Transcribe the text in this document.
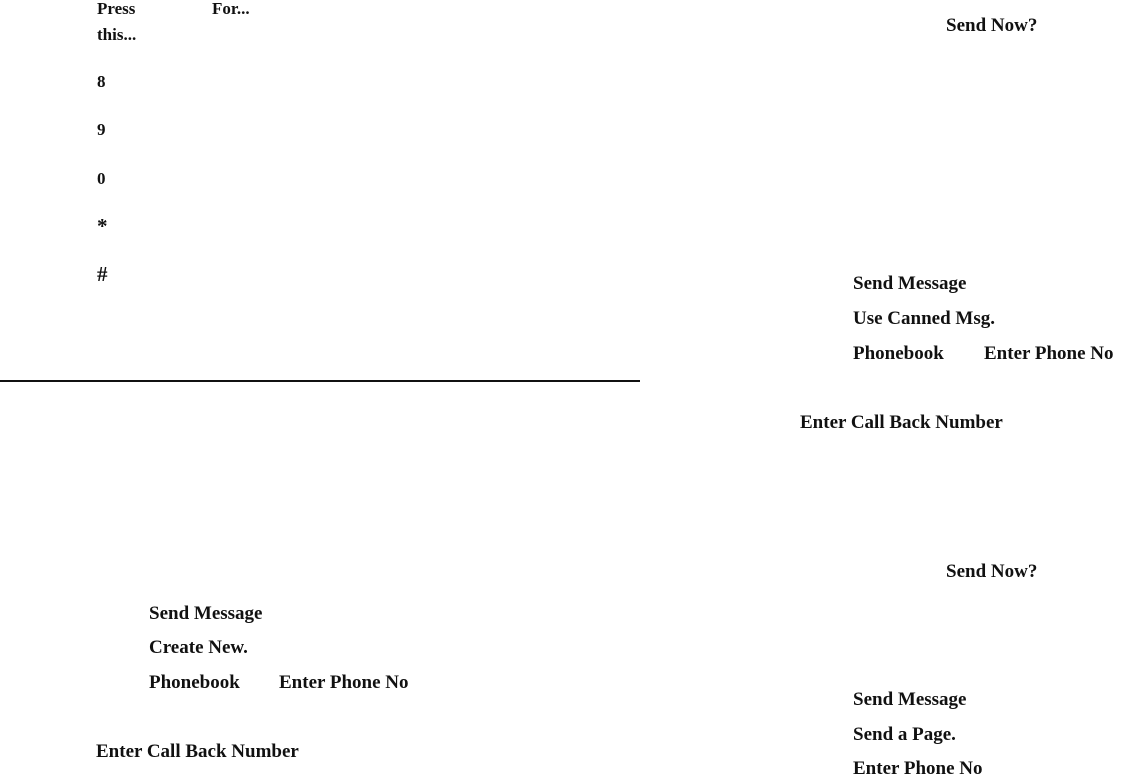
Press
this...
For...
8
9
0
*
#
Send Now?
Send Message
Use Canned Msg.
Phonebook Enter Phone No
Enter Call Back Number
Send Message
Create New.
Phonebook Enter Phone No
Enter Call Back Number
Send Now?
Send Message
Send a Page.
Enter Phone No
